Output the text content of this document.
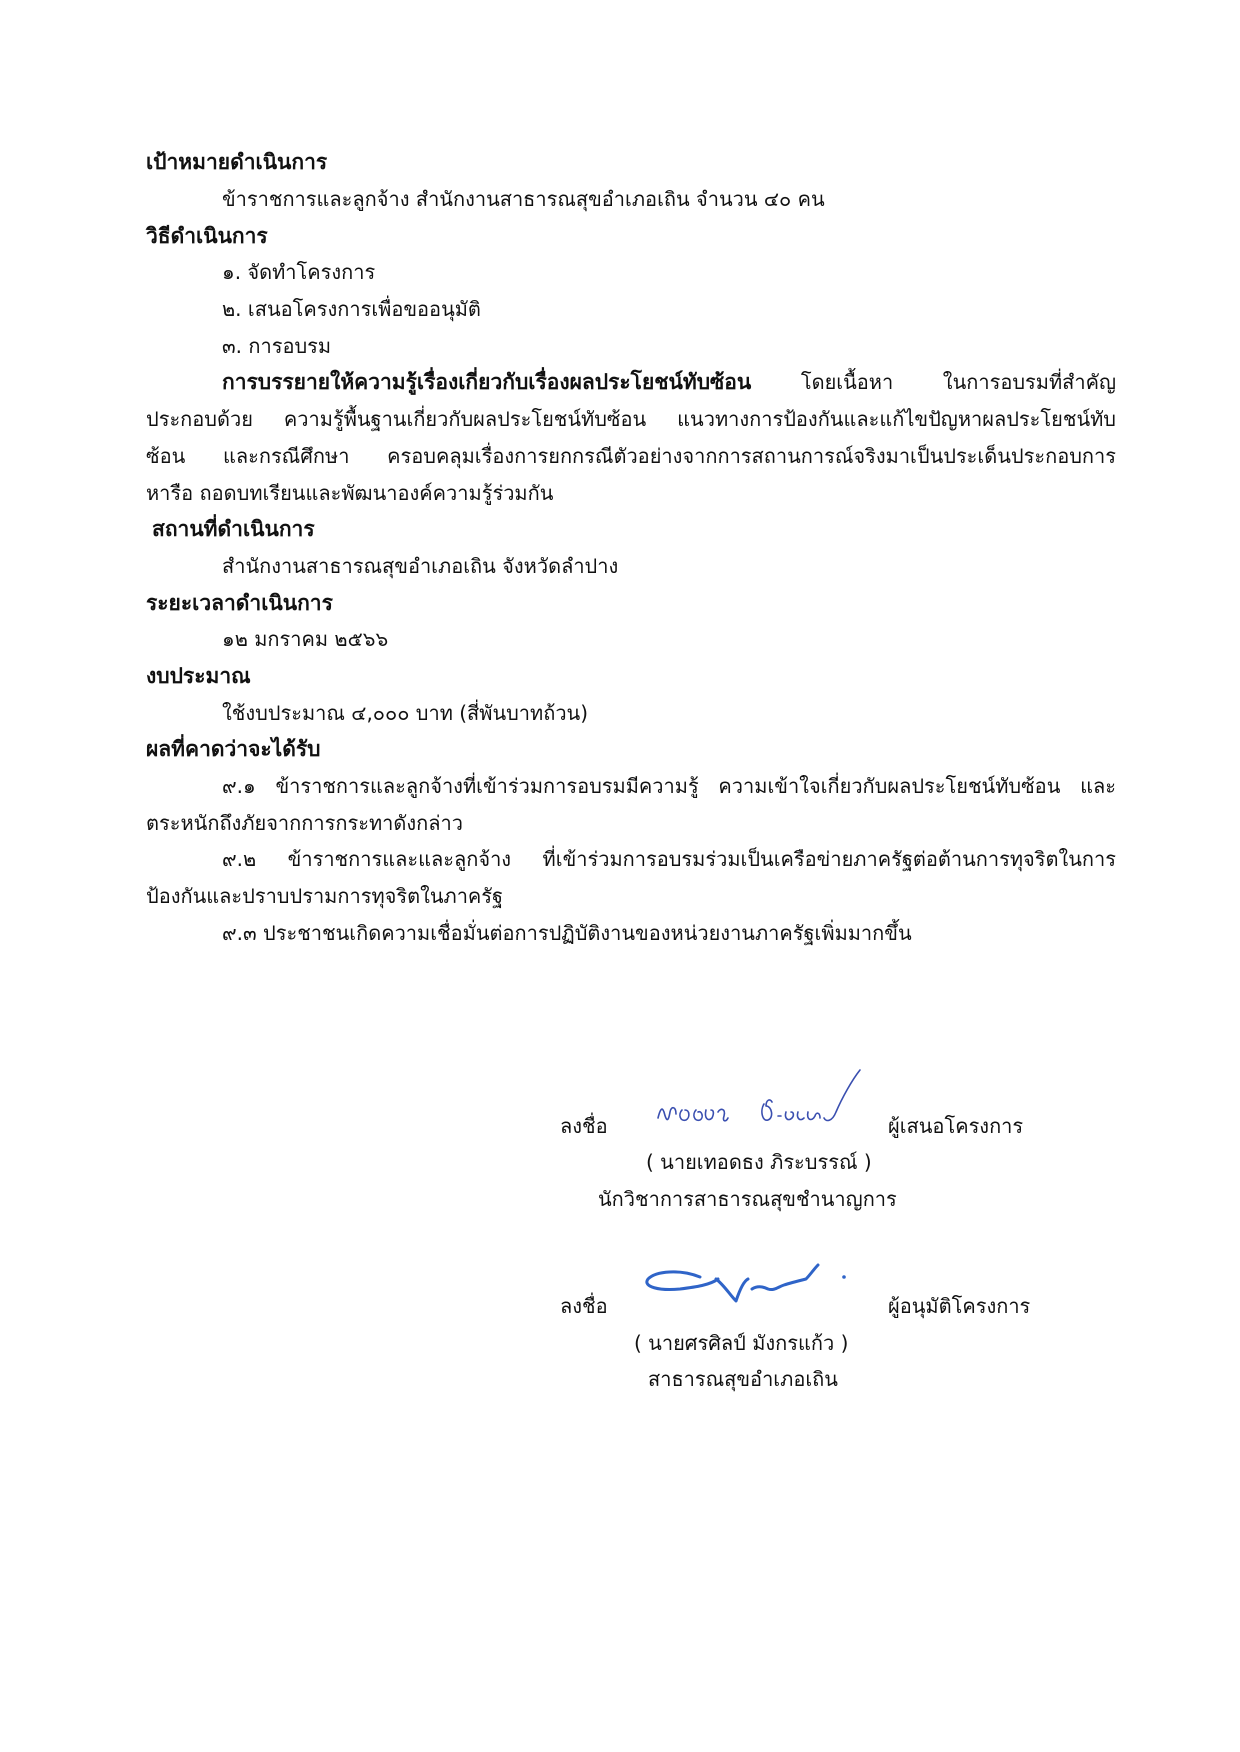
เป้าหมายดำเนินการ
ข้าราชการและลูกจ้าง สำนักงานสาธารณสุขอำเภอเถิน จำนวน ๔๐ คน
วิธีดำเนินการ
๑. จัดทำโครงการ
๒. เสนอโครงการเพื่อขออนุมัติ
๓. การอบรม
การบรรยายให้ความรู้เรื่องเกี่ยวกับเรื่องผลประโยชน์ทับซ้อน โดยเนื้อหา ในการอบรมที่สำคัญ
ประกอบด้วย ความรู้พื้นฐานเกี่ยวกับผลประโยชน์ทับซ้อน แนวทางการป้องกันและแก้ไขปัญหาผลประโยชน์ทับ
ซ้อน และกรณีศึกษา ครอบคลุมเรื่องการยกกรณีตัวอย่างจากการสถานการณ์จริงมาเป็นประเด็นประกอบการ
หารือ ถอดบทเรียนและพัฒนาองค์ความรู้ร่วมกัน
สถานที่ดำเนินการ
สำนักงานสาธารณสุขอำเภอเถิน จังหวัดลำปาง
ระยะเวลาดำเนินการ
๑๒ มกราคม ๒๕๖๖
งบประมาณ
ใช้งบประมาณ ๔,๐๐๐ บาท (สี่พันบาทถ้วน)
ผลที่คาดว่าจะได้รับ
๙.๑ ข้าราชการและลูกจ้างที่เข้าร่วมการอบรมมีความรู้ ความเข้าใจเกี่ยวกับผลประโยชน์ทับซ้อน และ
ตระหนักถึงภัยจากการกระทาดังกล่าว
๙.๒ ข้าราชการและและลูกจ้าง ที่เข้าร่วมการอบรมร่วมเป็นเครือข่ายภาครัฐต่อต้านการทุจริตในการ
ป้องกันและปราบปรามการทุจริตในภาครัฐ
๙.๓ ประชาชนเกิดความเชื่อมั่นต่อการปฏิบัติงานของหน่วยงานภาครัฐเพิ่มมากขึ้น
ลงชื่อ	ผู้เสนอโครงการ
( นายเทอดธง ภิระบรรณ์ )
นักวิชาการสาธารณสุขชำนาญการ
ลงชื่อ	ผู้อนุมัติโครงการ
( นายศรศิลป์ มังกรแก้ว )
สาธารณสุขอำเภอเถิน
